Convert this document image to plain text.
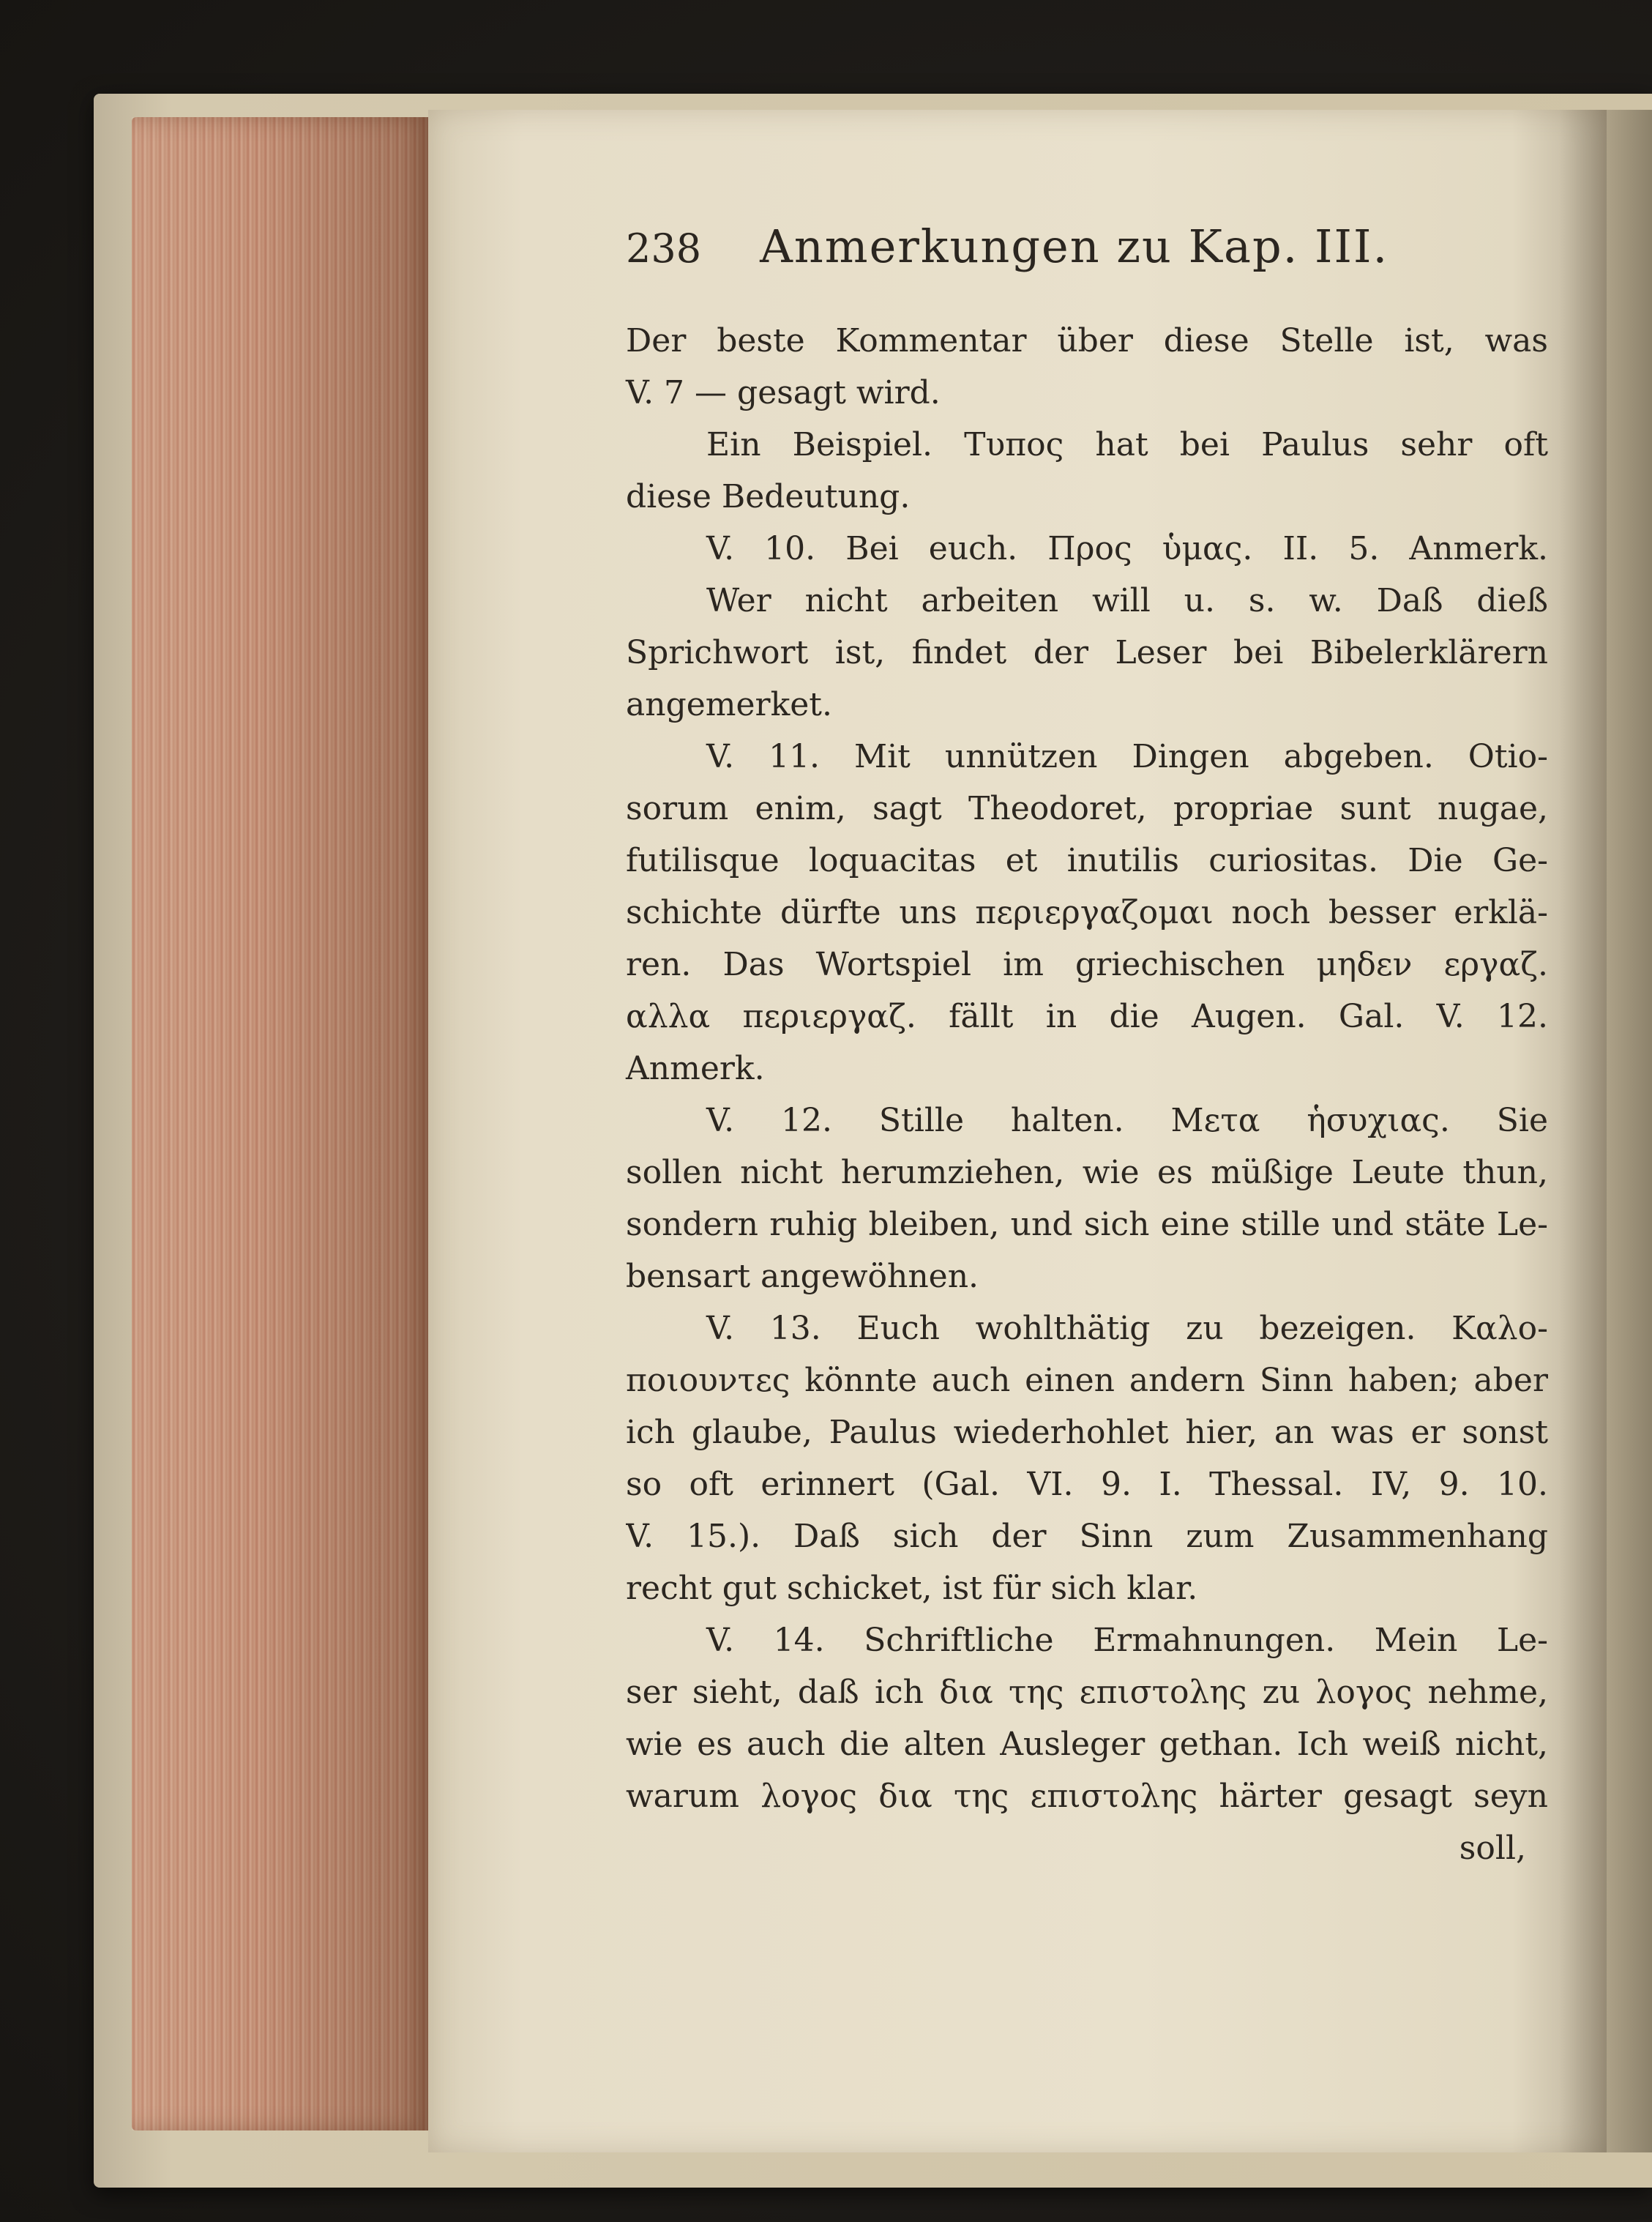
238 Anmerkungen zu Kap. III.
Der beste Kommentar über diese Stelle ist, was
V. 7 — gesagt wird.
Ein Beispiel. Τυπος hat bei Paulus sehr oft
diese Bedeutung.
V. 10. Bei euch. Προς ὑμας. II. 5. Anmerk.
Wer nicht arbeiten will u. s. w. Daß dieß
Sprichwort ist, findet der Leser bei Bibelerklärern
angemerket.
V. 11. Mit unnützen Dingen abgeben. Otio-
sorum enim, sagt Theodoret, propriae sunt nugae,
futilisque loquacitas et inutilis curiositas. Die Ge-
schichte dürfte uns περιεργαζομαι noch besser erklä-
ren. Das Wortspiel im griechischen μηδεν εργαζ.
αλλα περιεργαζ. fällt in die Augen. Gal. V. 12.
Anmerk.
V. 12. Stille halten. Μετα ἡσυχιας. Sie
sollen nicht herumziehen, wie es müßige Leute thun,
sondern ruhig bleiben, und sich eine stille und stäte Le-
bensart angewöhnen.
V. 13. Euch wohlthätig zu bezeigen. Καλο-
ποιουντες könnte auch einen andern Sinn haben; aber
ich glaube, Paulus wiederhohlet hier, an was er sonst
so oft erinnert (Gal. VI. 9. I. Thessal. IV, 9. 10.
V. 15.). Daß sich der Sinn zum Zusammenhang
recht gut schicket, ist für sich klar.
V. 14. Schriftliche Ermahnungen. Mein Le-
ser sieht, daß ich δια της επιστολης zu λογος nehme,
wie es auch die alten Ausleger gethan. Ich weiß nicht,
warum λογος δια της επιστολης härter gesagt seyn
soll,
